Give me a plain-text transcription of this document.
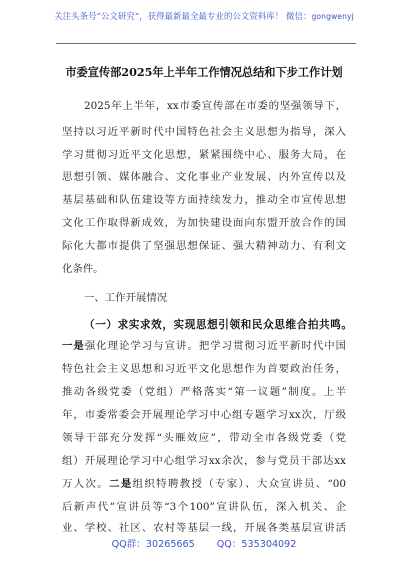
关注头条号“公文研究”，获得最新最全最专业的公文资料库！ 微信：gongwenyj
市委宣传部2025年上半年工作情况总结和下步工作计划
2025年上半年，xx市委宣传部在市委的坚强领导下，
坚持以习近平新时代中国特色社会主义思想为指导，深入
学习贯彻习近平文化思想，紧紧围绕中心、服务大局，在
思想引领、媒体融合、文化事业产业发展、内外宣传以及
基层基础和队伍建设等方面持续发力，推动全市宣传思想
文化工作取得新成效，为加快建设面向东盟开放合作的国
际化大都市提供了坚强思想保证、强大精神动力、有利文
化条件。
一、工作开展情况
（一）求实求效，实现思想引领和民众思维合拍共鸣。
一是强化理论学习与宣讲。把学习贯彻习近平新时代中国
特色社会主义思想和习近平文化思想作为首要政治任务，
推动各级党委（党组）严格落实“第一议题”制度。上半
年，市委常委会开展理论学习中心组专题学习xx次，厅级
领导干部充分发挥“头雁效应”，带动全市各级党委（党
组）开展理论学习中心组学习xx余次，参与党员干部达xx
万人次。二是组织特聘教授（专家）、大众宣讲员、“00
后新声代”宣讲员等“3个100”宣讲队伍，深入机关、企
业、学校、社区、农村等基层一线，开展各类基层宣讲活
QQ群：30265665 QQ：535304092
